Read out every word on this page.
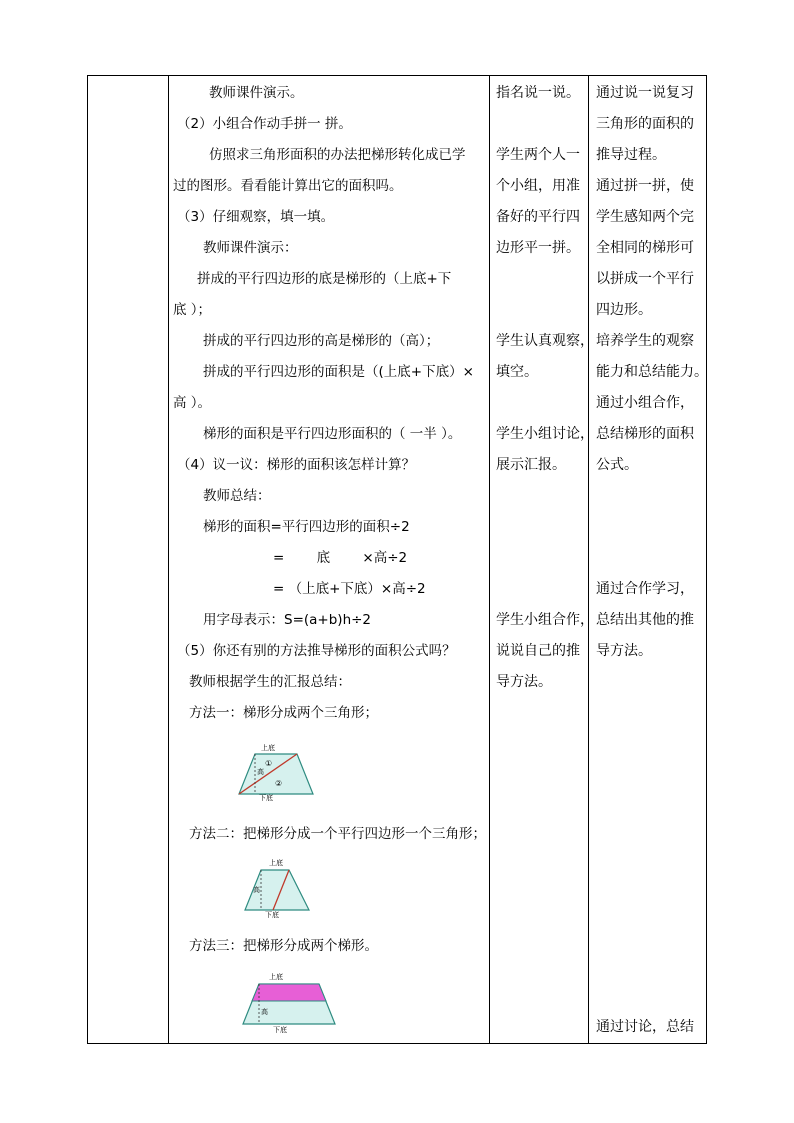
教师课件演示。
（2）小组合作动手拼一 拼。
仿照求三角形面积的办法把梯形转化成已学
过的图形。看看能计算出它的面积吗。
（3）仔细观察，填一填。
教师课件演示：
拼成的平行四边形的底是梯形的（上底+下
底 ）；
拼成的平行四边形的高是梯形的（高）；
拼成的平行四边形的面积是（(上底+下底）×
高 ）。
梯形的面积是平行四边形面积的（ 一半 ）。
（4）议一议：梯形的面积该怎样计算？
教师总结：
梯形的面积=平行四边形的面积÷2
= 底 ×高÷2
= （上底+下底）×高÷2
用字母表示：S=(a+b)h÷2
（5）你还有别的方法推导梯形的面积公式吗？
教师根据学生的汇报总结：
方法一：梯形分成两个三角形；
上底
下底
高
①
②
方法二：把梯形分成一个平行四边形一个三角形；
上底
下底
高
方法三：把梯形分成两个梯形。
上底
下底
高
指名说一说。
学生两个人一
个小组，用准
备好的平行四
边形平一拼。
学生认真观察，
填空。
学生小组讨论，
展示汇报。
学生小组合作，
说说自己的推
导方法。
通过说一说复习
三角形的面积的
推导过程。
通过拼一拼，使
学生感知两个完
全相同的梯形可
以拼成一个平行
四边形。
培养学生的观察
能力和总结能力。
通过小组合作，
总结梯形的面积
公式。
通过合作学习，
总结出其他的推
导方法。
通过讨论，总结
